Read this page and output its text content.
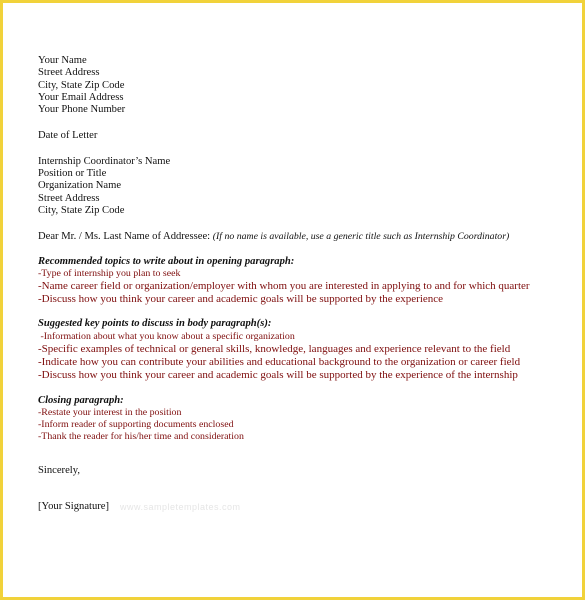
Your Name
Street Address
City, State Zip Code
Your Email Address
Your Phone Number
Date of Letter
Internship Coordinator’s Name
Position or Title
Organization Name
Street Address
City, State Zip Code
Dear Mr. / Ms. Last Name of Addressee: (If no name is available, use a generic title such as Internship Coordinator)
Recommended topics to write about in opening paragraph:
-Type of internship you plan to seek
-Name career field or organization/employer with whom you are interested in applying to and for which quarter
-Discuss how you think your career and academic goals will be supported by the experience
Suggested key points to discuss in body paragraph(s):
-Information about what you know about a specific organization
-Specific examples of technical or general skills, knowledge, languages and experience relevant to the field
-Indicate how you can contribute your abilities and educational background to the organization or career field
-Discuss how you think your career and academic goals will be supported by the experience of the internship
Closing paragraph:
-Restate your interest in the position
-Inform reader of supporting documents enclosed
-Thank the reader for his/her time and consideration
Sincerely,
[Your Signature] www.sampletemplates.com
